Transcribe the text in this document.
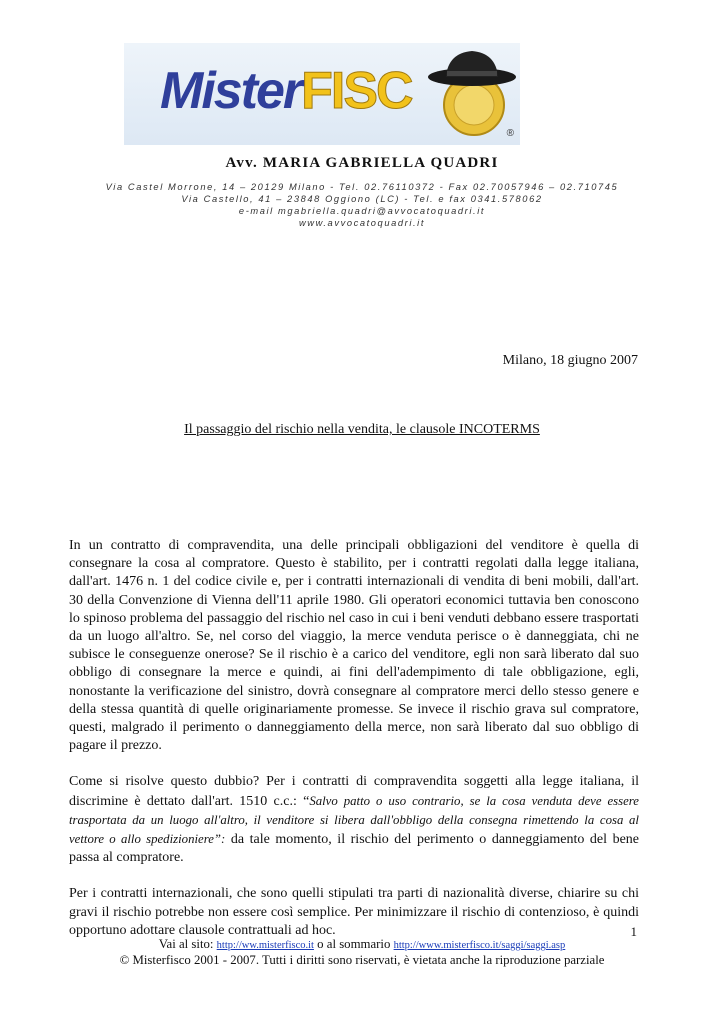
MisterFISC
®
Avv. MARIA GABRIELLA QUADRI
Via Castel Morrone, 14 – 20129 Milano - Tel. 02.76110372 - Fax 02.70057946 – 02.710745
Via Castello, 41 – 23848 Oggiono (LC) - Tel. e fax 0341.578062
e-mail mgabriella.quadri@avvocatoquadri.it
www.avvocatoquadri.it
Milano, 18 giugno 2007
Il passaggio del rischio nella vendita, le clausole INCOTERMS

In un contratto di compravendita, una delle principali obbligazioni del venditore è quella di consegnare la cosa al compratore. Questo è stabilito, per i contratti regolati dalla legge italiana, dall'art. 1476 n. 1 del codice civile e, per i contratti internazionali di vendita di beni mobili, dall'art. 30 della Convenzione di Vienna dell'11 aprile 1980. Gli operatori economici tuttavia ben conoscono lo spinoso problema del passaggio del rischio nel caso in cui i beni venduti debbano essere trasportati da un luogo all'altro. Se, nel corso del viaggio, la merce venduta perisce o è danneggiata, chi ne subisce le conseguenze onerose? Se il rischio è a carico del venditore, egli non sarà liberato dal suo obbligo di consegnare la merce e quindi, ai fini dell'adempimento di tale obbligazione, egli, nonostante la verificazione del sinistro, dovrà consegnare al compratore merci dello stesso genere e della stessa quantità di quelle originariamente promesse. Se invece il rischio grava sul compratore, questi, malgrado il perimento o danneggiamento della merce, non sarà liberato dal suo obbligo di pagare il prezzo.

Come si risolve questo dubbio? Per i contratti di compravendita soggetti alla legge italiana, il discrimine è dettato dall'art. 1510 c.c.: “Salvo patto o uso contrario, se la cosa venduta deve essere trasportata da un luogo all'altro, il venditore si libera dall'obbligo della consegna rimettendo la cosa al vettore o allo spedizioniere”: da tale momento, il rischio del perimento o danneggiamento del bene passa al compratore.

Per i contratti internazionali, che sono quelli stipulati tra parti di nazionalità diverse, chiarire su chi gravi il rischio potrebbe non essere così semplice. Per minimizzare il rischio di contenzioso, è quindi opportuno adottare clausole contrattuali ad hoc.	1
Vai al sito: http://ww.misterfisco.it o al sommario http://www.misterfisco.it/saggi/saggi.asp
© Misterfisco 2001 - 2007. Tutti i diritti sono riservati, è vietata anche la riproduzione parziale
